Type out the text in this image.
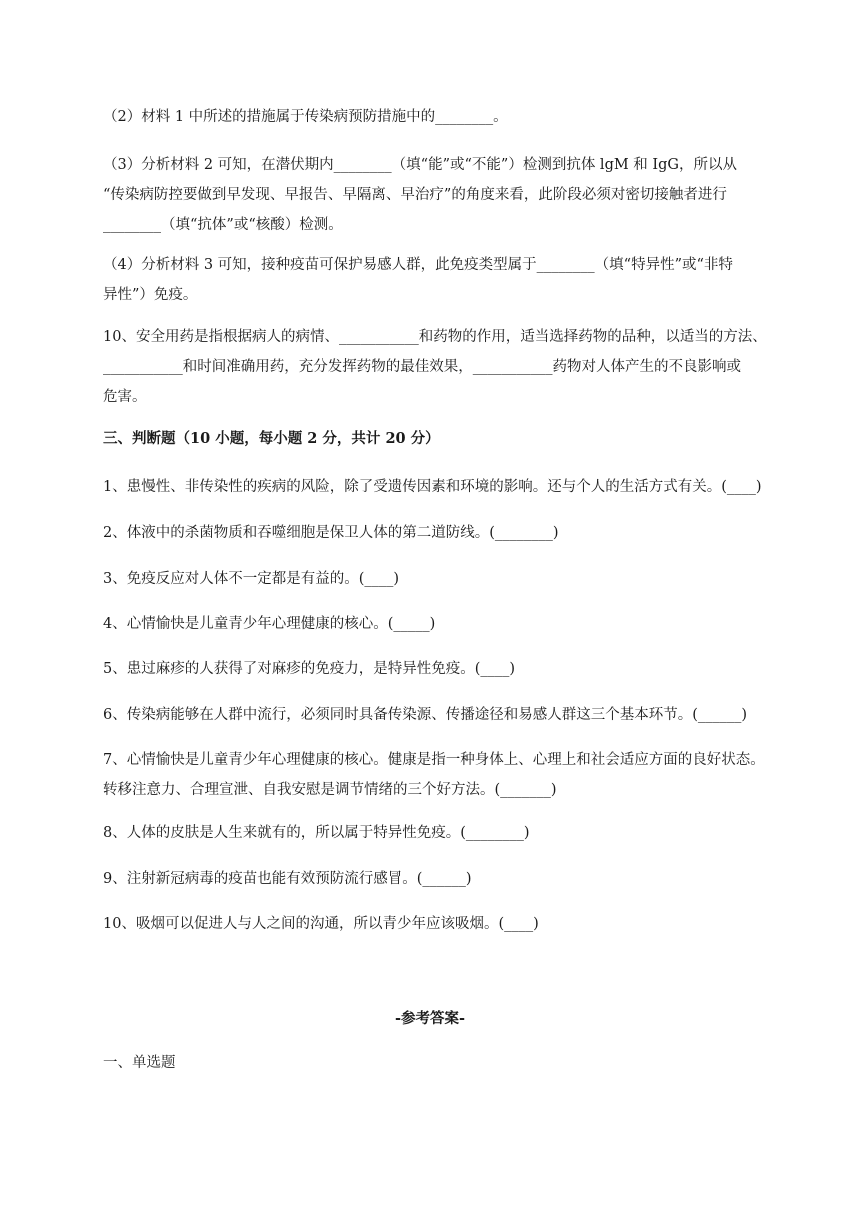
（2）材料 1 中所述的措施属于传染病预防措施中的________。
（3）分析材料 2 可知，在潜伏期内________（填“能”或“不能”）检测到抗体 lgM 和 IgG，所以从
“传染病防控要做到早发现、早报告、早隔离、早治疗”的角度来看，此阶段必须对密切接触者进行
________（填“抗体”或“核酸）检测。
（4）分析材料 3 可知，接种疫苗可保护易感人群，此免疫类型属于________（填“特异性”或“非特
异性”）免疫。
10、安全用药是指根据病人的病情、___________和药物的作用，适当选择药物的品种，以适当的方法、
___________和时间准确用药，充分发挥药物的最佳效果，___________药物对人体产生的不良影响或
危害。
三、判断题（10 小题，每小题 2 分，共计 20 分）
1、患慢性、非传染性的疾病的风险，除了受遗传因素和环境的影响。还与个人的生活方式有关。(____)
2、体液中的杀菌物质和吞噬细胞是保卫人体的第二道防线。(________)
3、免疫反应对人体不一定都是有益的。(____)
4、心情愉快是儿童青少年心理健康的核心。(_____)
5、患过麻疹的人获得了对麻疹的免疫力，是特异性免疫。(____)
6、传染病能够在人群中流行，必须同时具备传染源、传播途径和易感人群这三个基本环节。(______)
7、心情愉快是儿童青少年心理健康的核心。健康是指一种身体上、心理上和社会适应方面的良好状态。
转移注意力、合理宣泄、自我安慰是调节情绪的三个好方法。(_______)
8、人体的皮肤是人生来就有的，所以属于特异性免疫。(________)
9、注射新冠病毒的疫苗也能有效预防流行感冒。(______)
10、吸烟可以促进人与人之间的沟通，所以青少年应该吸烟。(____)
-参考答案-
一、单选题
